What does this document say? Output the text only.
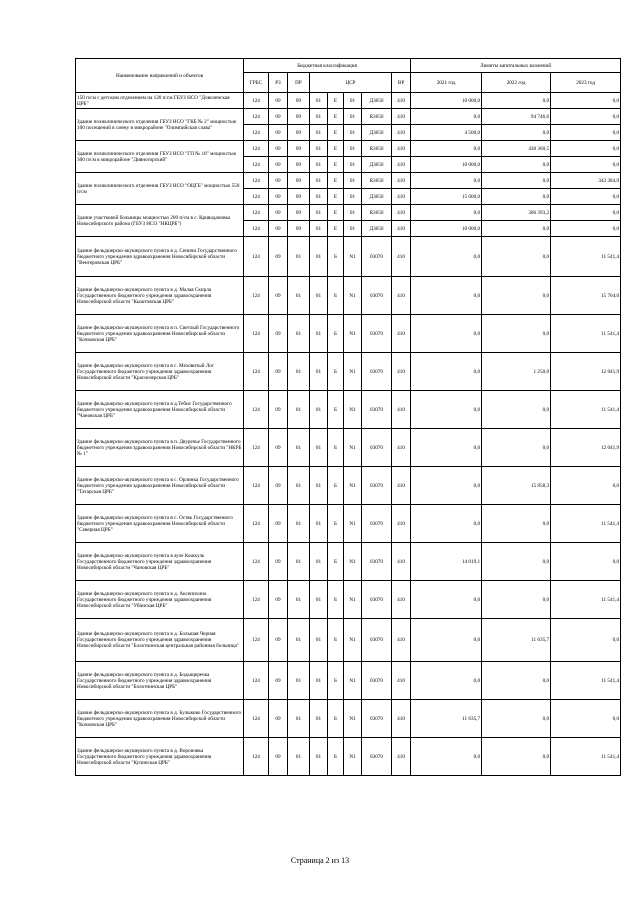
Наименование направлений и объектов	Бюджетная классификация								Лимиты капитальных вложений		
	ГРБС	РЗ	ПР	ЦСР				ВР	2021 год	2022 год	2023 год
150 п/см с детским отделением на 120 п/см ГБУЗ НСО "Доволенская ЦРБ"	124	09	09	01	Е	01	Д3650	410	10 000,0	0,0	0,0
Здание поликлинического отделения ГБУЗ НСО "ГКБ № 2" мощностью 100 посещений в смену в микрорайоне "Олимпийская слава"	124	09	09	01	Е	01	R3650	410	0,0	94 746,6	0,0
	124	09	09	01	Е	01	Д3650	410	4 500,0	0,0	0,0
Здание поликлинического отделения ГБУЗ НСО "ГП № 18" мощностью 300 п/см в микрорайоне "Дивногорский"	124	09	09	01	Е	01	R3650	410	0,0	438 360,5	0,0
	124	09	09	01	Е	01	Д3650	410	10 000,0	0,0	0,0
Здание поликлинического отделения ГБУЗ НСО "ОЦГБ" мощностью 550 п/см	124	09	09	01	Е	01	R3650	410	0,0	0,0	343 384,9
	124	09	09	01	Е	01	Д3650	410	15 000,0	0,0	0,0
Здание участковой больницы мощностью 200 п/см в с. Криводановка Новосибирского района (ГБУЗ НСО "НКЦРБ")	124	09	09	01	Е	01	R3650	410	0,0	306 393,2	0,0
	124	09	09	01	Е	01	Д3650	410	10 000,0	0,0	0,0
Здание фельдшерско-акушерского пункта в д. Сеничи Государственного бюджетного учреждения здравоохранения Новосибирской области "Венгеровская ЦРБ"	124	09	01	01	Б	N1	03070	410	0,0	0,0	11 541,4
Здание фельдшерско-акушерского пункта в д. Малая Скирла Государственного бюджетного учреждения здравоохранения Новосибирской области "Кыштовская ЦРБ"	124	09	01	01	Б	N1	03070	410	0,0	0,0	15 764,0
Здание фельдшерско-акушерского пункта в п. Светлый Государственного бюджетного учреждения здравоохранения Новосибирской области "Кочковская ЦРБ"	124	09	01	01	Б	N1	03070	410	0,0	0,0	11 541,4
Здание фельдшерско-акушерского пункта в с. Меховитый Лог Государственного бюджетного учреждения здравоохранения Новосибирской области "Краснозерская ЦРБ"	124	09	01	01	Б	N1	03070	410	0,0	1 250,0	12 041,9
Здание фельдшерско-акушерского пункта в д.Тебис Государственного бюджетного учреждения здравоохранения Новосибирской области "Чановская ЦРБ"	124	09	01	01	Б	N1	03070	410	0,0	0,0	11 541,4
Здание фельдшерско-акушерского пункта в п. Двуречье Государственного бюджетного учреждения здравоохранения Новосибирской области "НКРБ № 1"	124	09	01	01	Б	N1	03070	410	0,0	0,0	12 041,9
Здание фельдшерско-акушерского пункта в с. Орлинка Государственного бюджетного учреждения здравоохранения Новосибирской области "Татарская ЦРБ"	124	09	01	01	Б	N1	03070	410	0,0	15 858,3	0,0
Здание фельдшерско-акушерского пункта в с. Остяк Государственного бюджетного учреждения здравоохранения Новосибирской области "Северная ЦРБ"	124	09	01	01	Б	N1	03070	410	0,0	0,0	11 541,4
Здание фельдшерско-акушерского пункта в аулe Кошкуль Государственного бюджетного учреждения здравоохранения Новосибирской области "Чановская ЦРБ"	124	09	01	01	Б	N1	03070	410	14 019,1	0,0	0,0
Здание фельдшерско-акушерского пункта в д. Аксенихино Государственного бюджетного учреждения здравоохранения Новосибирской области "Убинская ЦРБ"	124	09	01	01	Б	N1	03070	410	0,0	0,0	11 541,4
Здание фельдшерско-акушерского пункта в д. Большая Черная Государственного бюджетного учреждения здравоохранения Новосибирской области "Болотнинская центральная районная больница"	124	09	01	01	Б	N1	03070	410	0,0	11 635,7	0,0
Здание фельдшерско-акушерского пункта в д. Бодыщеречка Государственного бюджетного учреждения здравоохранения Новосибирской области "Болотнинская ЦРБ"	124	09	01	01	Б	N1	03070	410	0,0	0,0	11 541,4
Здание фельдшерско-акушерского пункта в д. Булыково Государственного бюджетного учреждения здравоохранения Новосибирской области "Кочковская ЦРБ"	124	09	01	01	Б	N1	03070	410	11 635,7	0,0	0,0
Здание фельдшерско-акушерского пункта в д. Вороновка Государственного бюджетного учреждения здравоохранения Новосибирской области "Купинская ЦРБ"	124	09	01	01	Б	N1	03070	410	0,0	0,0	11 541,4
Страница 2 из 13
